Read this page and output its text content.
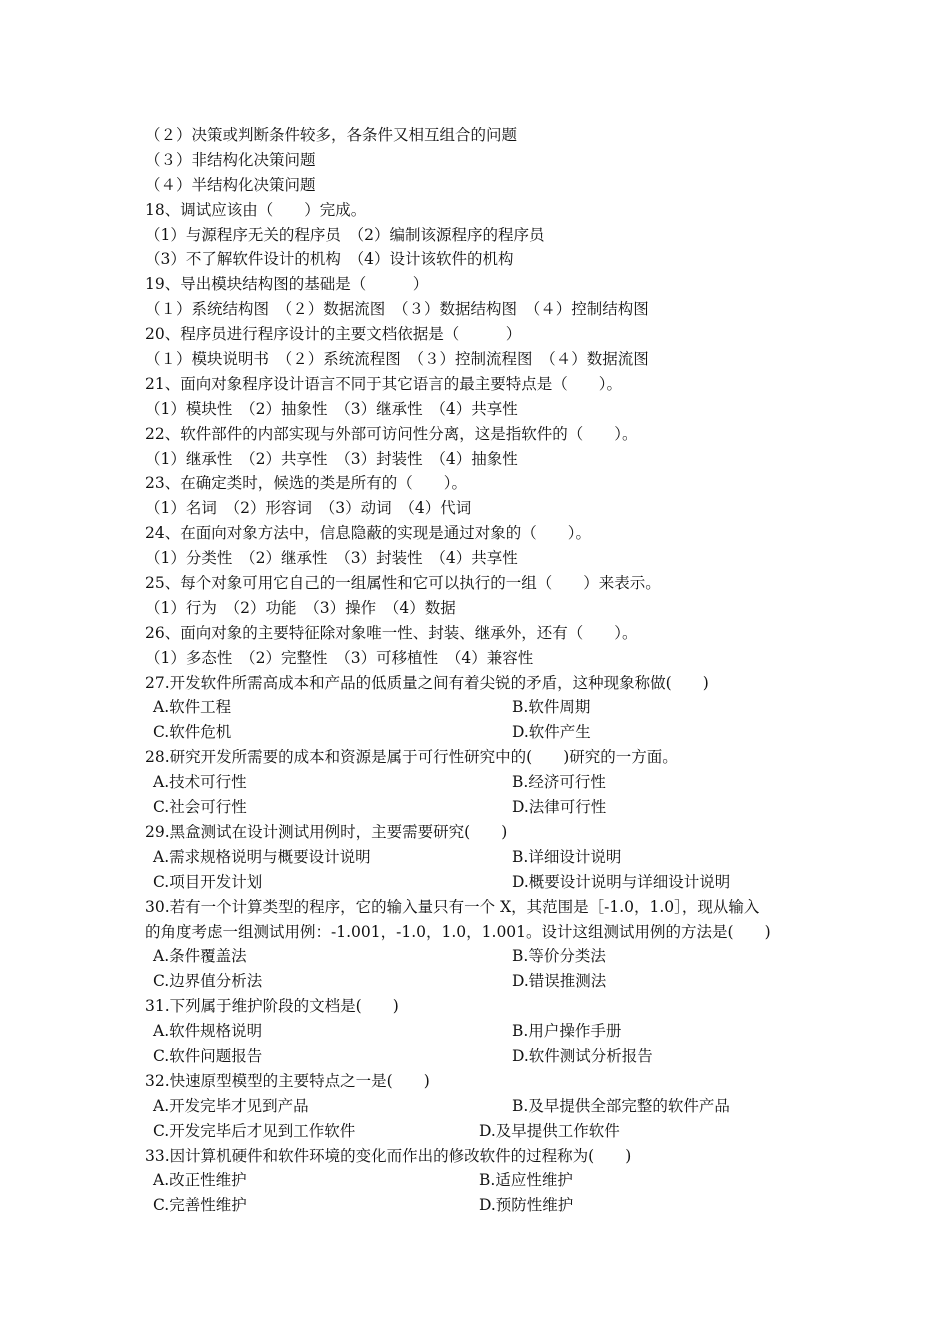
（２）决策或判断条件较多，各条件又相互组合的问题
（３）非结构化决策问题
（４）半结构化决策问题
18、调试应该由（　　）完成。
（1）与源程序无关的程序员　（2）编制该源程序的程序员
（3）不了解软件设计的机构　（4）设计该软件的机构
19、导出模块结构图的基础是（　　　）
（１）系统结构图　（２）数据流图　（３）数据结构图　（４）控制结构图
20、程序员进行程序设计的主要文档依据是（　　　）
（１）模块说明书　（２）系统流程图　（３）控制流程图　（４）数据流图
21、面向对象程序设计语言不同于其它语言的最主要特点是（　　）。
（1）模块性　（2）抽象性　（3）继承性　（4）共享性
22、软件部件的内部实现与外部可访问性分离，这是指软件的（　　）。
（1）继承性　（2）共享性　（3）封装性　（4）抽象性
23、在确定类时，候选的类是所有的（　　）。
（1）名词　（2）形容词　（3）动词　（4）代词
24、在面向对象方法中，信息隐蔽的实现是通过对象的（　　）。
（1）分类性　（2）继承性　（3）封装性　（4）共享性
25、每个对象可用它自己的一组属性和它可以执行的一组（　　）来表示。
（1）行为　（2）功能　（3）操作　（4）数据
26、面向对象的主要特征除对象唯一性、封装、继承外，还有（　　）。
（1）多态性　（2）完整性　（3）可移植性　（4）兼容性
27.开发软件所需高成本和产品的低质量之间有着尖锐的矛盾，这种现象称做(　　)
A.软件工程	B.软件周期
C.软件危机	D.软件产生
28.研究开发所需要的成本和资源是属于可行性研究中的(　　)研究的一方面。
A.技术可行性	B.经济可行性
C.社会可行性	D.法律可行性
29.黑盒测试在设计测试用例时，主要需要研究(　　)
A.需求规格说明与概要设计说明	B.详细设计说明
C.项目开发计划	D.概要设计说明与详细设计说明
30.若有一个计算类型的程序，它的输入量只有一个 X，其范围是［-1.0，1.0］，现从输入
的角度考虑一组测试用例：-1.001，-1.0，1.0，1.001。设计这组测试用例的方法是(　　)
A.条件覆盖法	B.等价分类法
C.边界值分析法	D.错误推测法
31.下列属于维护阶段的文档是(　　)
A.软件规格说明	B.用户操作手册
C.软件问题报告	D.软件测试分析报告
32.快速原型模型的主要特点之一是(　　)
A.开发完毕才见到产品	B.及早提供全部完整的软件产品
C.开发完毕后才见到工作软件	D.及早提供工作软件
33.因计算机硬件和软件环境的变化而作出的修改软件的过程称为(　　)
A.改正性维护	B.适应性维护
C.完善性维护	D.预防性维护
